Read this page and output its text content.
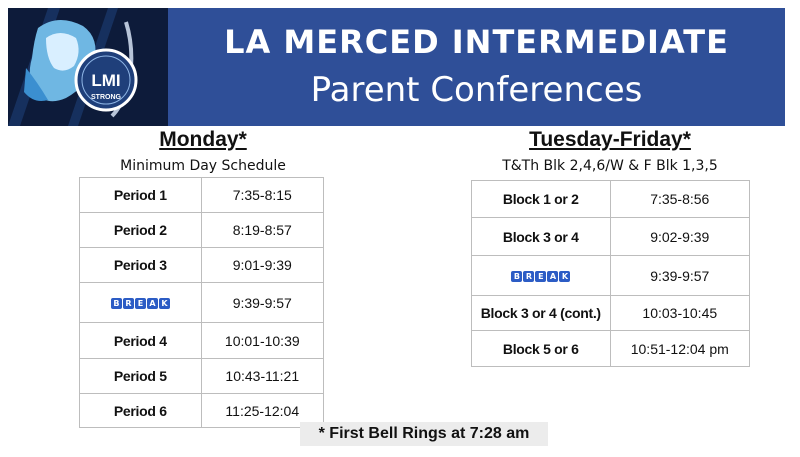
LMI
STRONG
LA MERCED INTERMEDIATE
Parent Conferences
Monday*
Minimum Day Schedule
Period 1	7:35-8:15
Period 2	8:19-8:57
Period 3	9:01-9:39

B R E A K	9:39-9:57
Period 4	10:01-10:39
Period 5	10:43-11:21
Period 6	11:25-12:04
Tuesday-Friday*
T&Th Blk 2,4,6/W & F Blk 1,3,5
Block 1 or 2	7:35-8:56
Block 3 or 4	9:02-9:39

B R E A K	9:39-9:57
Block 3 or 4 (cont.)	10:03-10:45
Block 5 or 6	10:51-12:04 pm
* First Bell Rings at 7:28 am
